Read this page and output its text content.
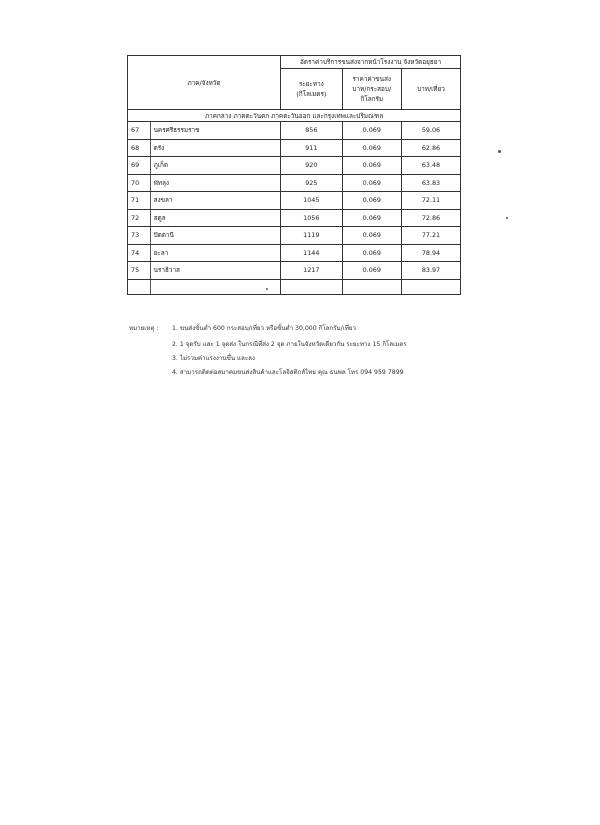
ภาค/จังหวัด		อัตราค่าบริการขนส่งจากหน้าโรงงาน จังหวัดอยุธยา		
		ระยะทาง (กิโลเมตร)	ราคาค่าขนส่ง บาท/กระสอบ/ กิโลกรัม	บาท/เที่ยว
ภาคกลาง ภาคตะวันตก ภาคตะวันออก และกรุงเทพและปริมณฑล				
67	นครศรีธรรมราช	856	0.069	59.06
68	ตรัง	911	0.069	62.86
69	ภูเก็ต	920	0.069	63.48
70	พัทลุง	925	0.069	63.83
71	สงขลา	1045	0.069	72.11
72	สตูล	1056	0.069	72.86
73	ปัตตานี	1119	0.069	77.21
74	ยะลา	1144	0.069	78.94
75	นราธิวาส	1217	0.069	83.97

หมายเหตุ : 1. ขนส่งขั้นต่ำ 600 กระสอบ/เที่ยว หรือขั้นต่ำ 30,000 กิโลกรัม/เที่ยว
2. 1 จุดรับ และ 1 จุดส่ง ในกรณีที่ส่ง 2 จุด ภายในจังหวัดเดียวกัน ระยะทาง 15 กิโลเมตร
3. ไม่รวมค่าแรงงานขึ้น และลง
4. สามารถติดต่อสมาคมขนส่งสินค้าและโลจิสติกส์ไทย คุณ ธนพล โทร 094 959 7899
